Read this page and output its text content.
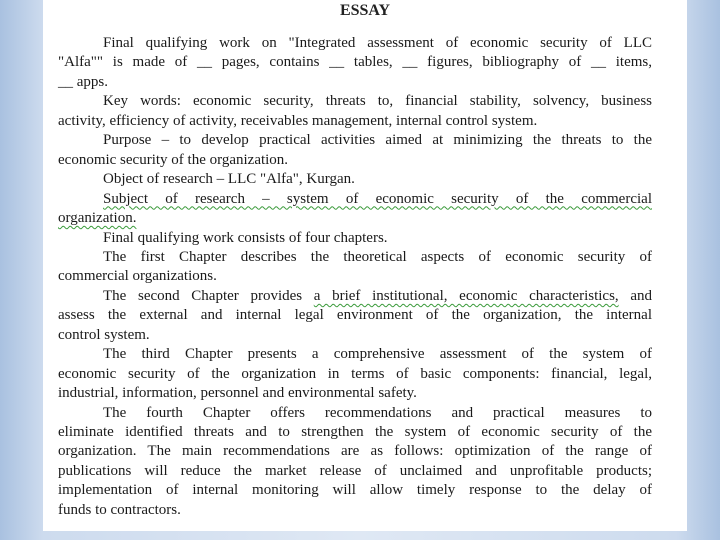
ESSAY
Final qualifying work on "Integrated assessment of economic security of LLC
"Alfa"" is made of __ pages, contains __ tables, __ figures, bibliography of __ items,
__ apps.
Key words: economic security, threats to, financial stability, solvency, business
activity, efficiency of activity, receivables management, internal control system.
Purpose – to develop practical activities aimed at minimizing the threats to the
economic security of the organization.
Object of research – LLC "Alfa", Kurgan.
Subject of research – system of economic security of the commercial
organization.
Final qualifying work consists of four chapters.
The first Chapter describes the theoretical aspects of economic security of
commercial organizations.
The second Chapter provides a brief institutional, economic characteristics, and
assess the external and internal legal environment of the organization, the internal
control system.
The third Chapter presents a comprehensive assessment of the system of
economic security of the organization in terms of basic components: financial, legal,
industrial, information, personnel and environmental safety.
The fourth Chapter offers recommendations and practical measures to
eliminate identified threats and to strengthen the system of economic security of the
organization. The main recommendations are as follows: optimization of the range of
publications will reduce the market release of unclaimed and unprofitable products;
implementation of internal monitoring will allow timely response to the delay of
funds to contractors.
